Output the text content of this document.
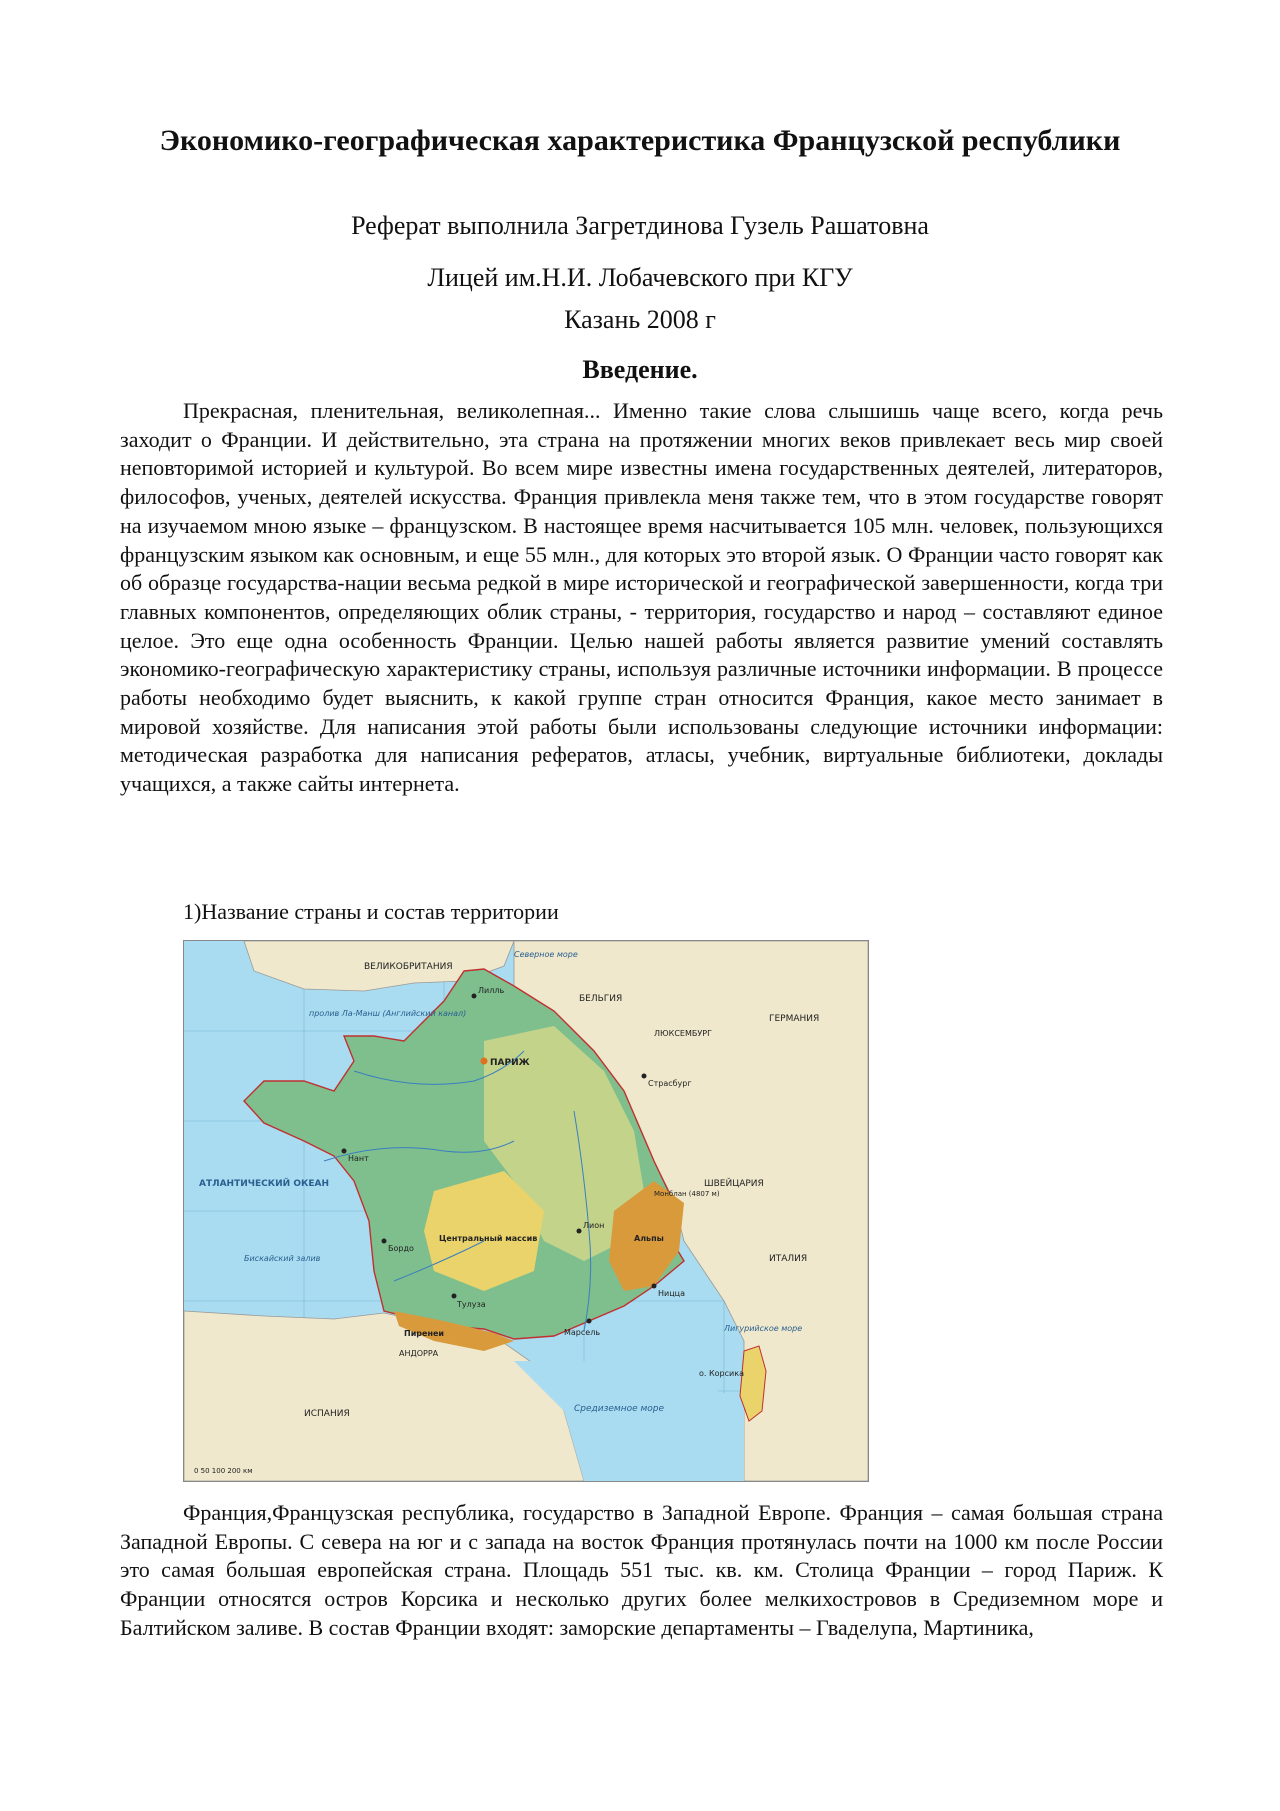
Экономико-географическая характеристика Французской республики
Реферат выполнила Загретдинова Гузель Рашатовна
Лицей им.Н.И. Лобачевского при КГУ
Казань 2008 г
Введение.
Прекрасная, пленительная, великолепная... Именно такие слова слышишь чаще всего, когда речь заходит о Франции. И действительно, эта страна на протяжении многих веков привлекает весь мир своей неповторимой историей и культурой. Во всем мире известны имена государственных деятелей, литераторов, философов, ученых, деятелей искусства. Франция привлекла меня также тем, что в этом государстве говорят на изучаемом мною языке – французском. В настоящее время насчитывается 105 млн. человек, пользующихся французским языком как основным, и еще 55 млн., для которых это второй язык. О Франции часто говорят как об образце государства-нации весьма редкой в мире исторической и географической завершенности, когда три главных компонентов, определяющих облик страны, - территория, государство и народ – составляют единое целое. Это еще одна особенность Франции. Целью нашей работы является развитие умений составлять экономико-географическую характеристику страны, используя различные источники информации. В процессе работы необходимо будет выяснить, к какой группе стран относится Франция, какое место занимает в мировой хозяйстве. Для написания этой работы были использованы следующие источники информации: методическая разработка для написания рефератов, атласы, учебник, виртуальные библиотеки, доклады учащихся, а также сайты интернета.
1)Название страны и состав территории
Северное море
ВЕЛИКОБРИТАНИЯ
пролив Ла-Манш (Английский канал)
БЕЛЬГИЯ
ЛЮКСЕМБУРГ
ГЕРМАНИЯ
ШВЕЙЦАРИЯ
ИТАЛИЯ
Лигурийское море
АТЛАНТИЧЕСКИЙ ОКЕАН
Бискайский залив
АНДОРРА
ИСПАНИЯ	Средиземное море
о. Корсика
ПАРИЖ
Центральный массив	Альпы
Пиренеи
Монблан (4807 м)
Лион
Марсель
Тулуза
Бордо
Нант
Страсбург
Лилль
Ницца
0 50 100 200 км
Франция,Французская республика, государство в Западной Европе. Франция – самая большая страна Западной Европы. С севера на юг и с запада на восток Франция протянулась почти на 1000 км после России это самая большая европейская страна. Площадь 551 тыс. кв. км. Столица Франции – город Париж. К Франции относятся остров Корсика и несколько других более мелкихостровов в Средиземном море и Балтийском заливе. В состав Франции входят: заморские департаменты – Гваделупа, Мартиника,
